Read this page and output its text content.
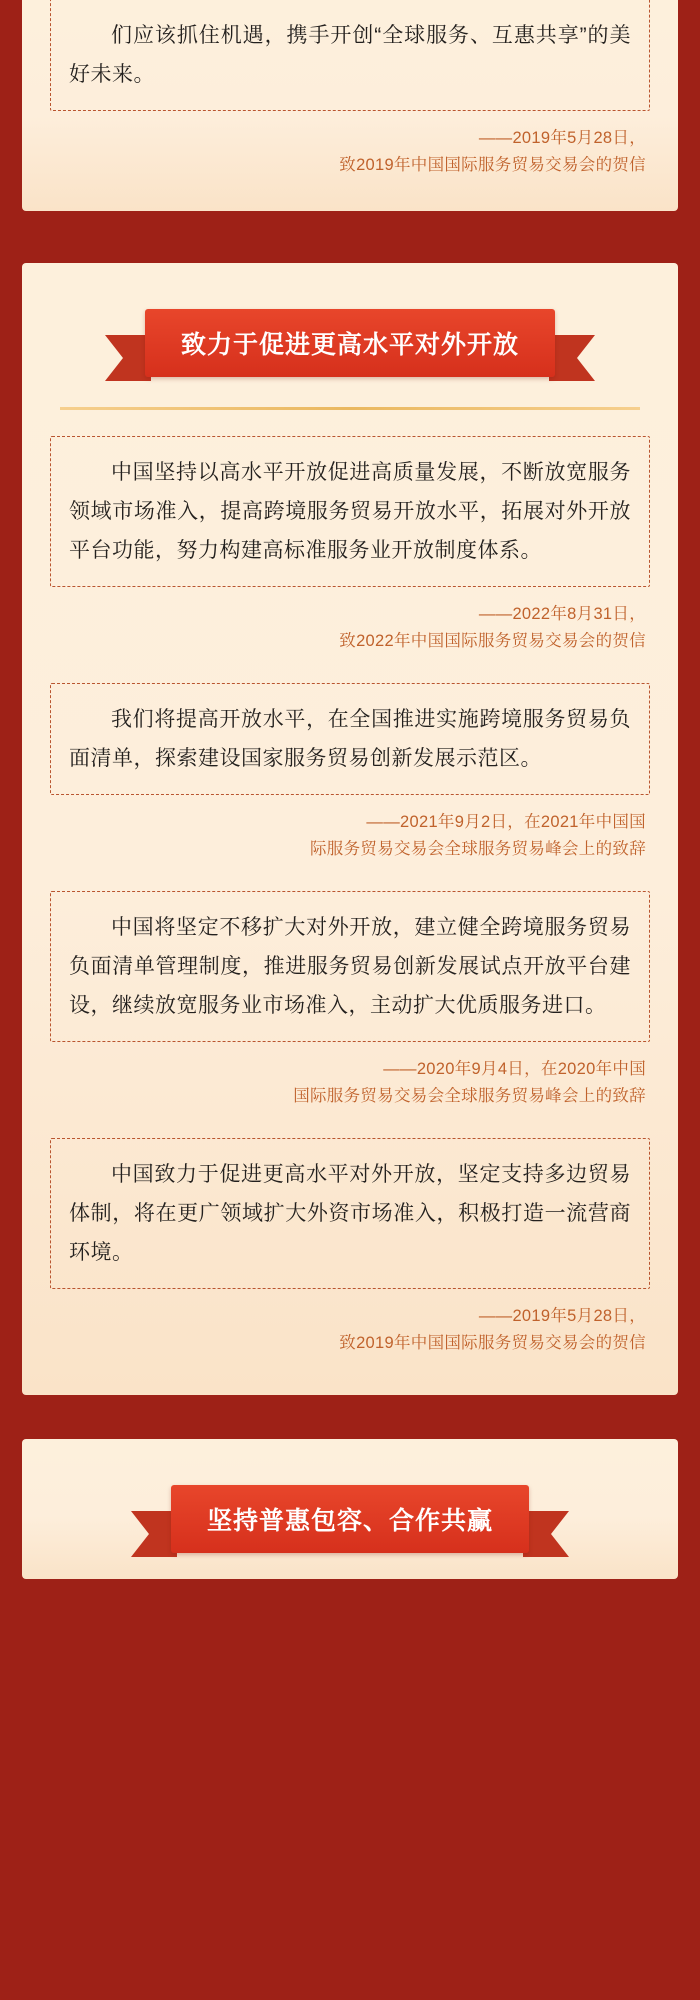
们应该抓住机遇，携手开创“全球服务、互惠共享”的美好未来。

——2019年5月28日，
致2019年中国国际服务贸易交易会的贺信
致力于促进更高水平对外开放

中国坚持以高水平开放促进高质量发展，不断放宽服务领域市场准入，提高跨境服务贸易开放水平，拓展对外开放平台功能，努力构建高标准服务业开放制度体系。

——2022年8月31日，
致2022年中国国际服务贸易交易会的贺信

我们将提高开放水平，在全国推进实施跨境服务贸易负面清单，探索建设国家服务贸易创新发展示范区。

——2021年9月2日，在2021年中国国
际服务贸易交易会全球服务贸易峰会上的致辞

中国将坚定不移扩大对外开放，建立健全跨境服务贸易负面清单管理制度，推进服务贸易创新发展试点开放平台建设，继续放宽服务业市场准入，主动扩大优质服务进口。

——2020年9月4日，在2020年中国
国际服务贸易交易会全球服务贸易峰会上的致辞

中国致力于促进更高水平对外开放，坚定支持多边贸易体制，将在更广领域扩大外资市场准入，积极打造一流营商环境。

——2019年5月28日，
致2019年中国国际服务贸易交易会的贺信
坚持普惠包容、合作共赢
